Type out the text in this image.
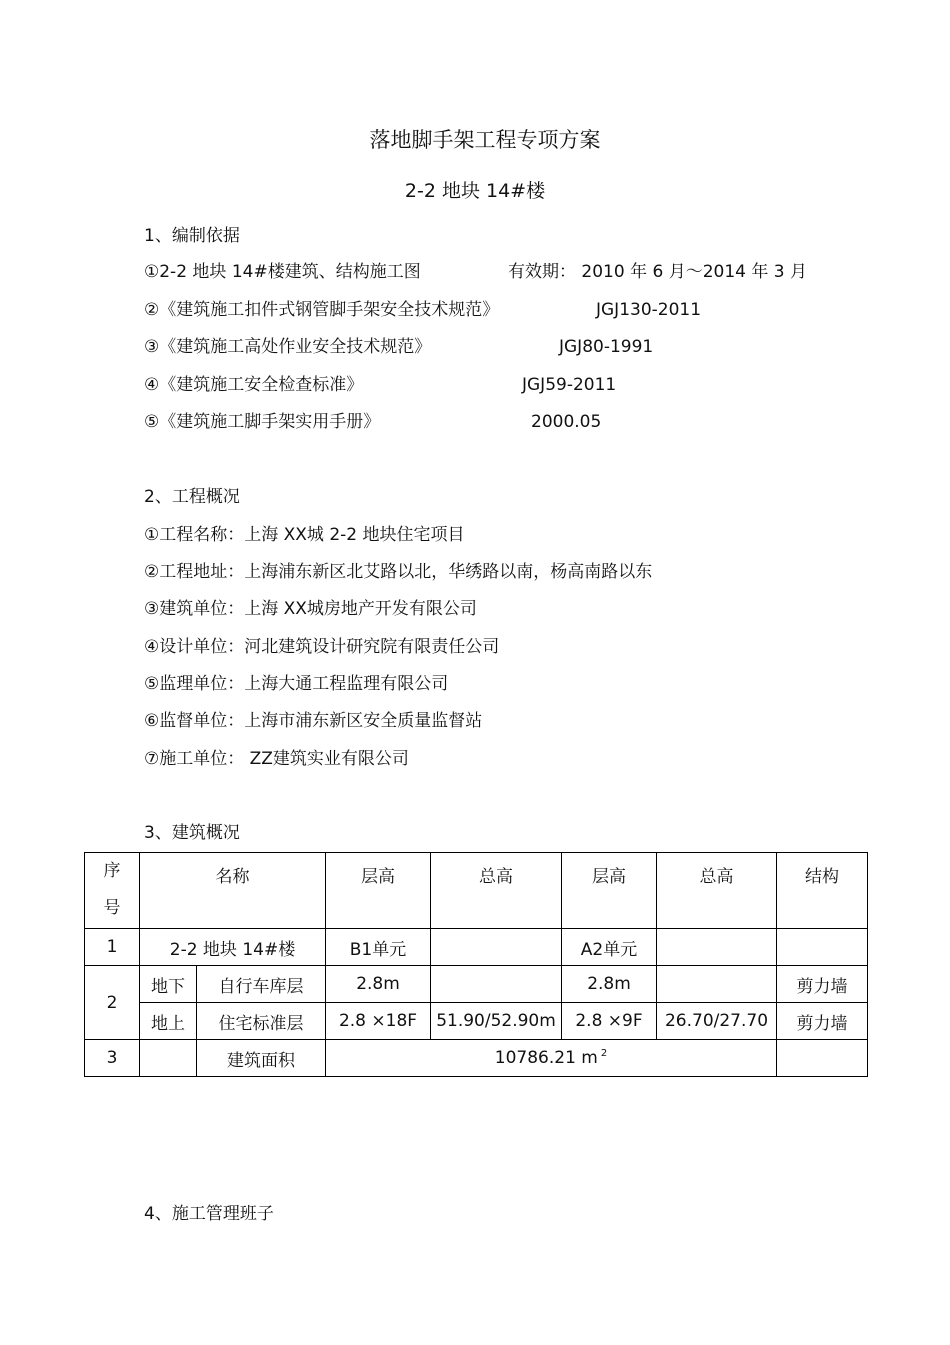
落地脚手架工程专项方案
2-2 地块 14#楼
1、编制依据
①2-2 地块 14#楼建筑、结构施工图	有效期： 2010 年 6 月～2014 年 3 月
②《建筑施工扣件式钢管脚手架安全技术规范》	JGJ130-2011
③《建筑施工高处作业安全技术规范》	JGJ80-1991
④《建筑施工安全检查标准》	JGJ59-2011
⑤《建筑施工脚手架实用手册》	2000.05
2、工程概况
①工程名称：上海 XX城 2-2 地块住宅项目
②工程地址：上海浦东新区北艾路以北，华绣路以南，杨高南路以东
③建筑单位：上海 XX城房地产开发有限公司
④设计单位：河北建筑设计研究院有限责任公司
⑤监理单位：上海大通工程监理有限公司
⑥监督单位：上海市浦东新区安全质量监督站
⑦施工单位： ZZ建筑实业有限公司
3、建筑概况
序
号	名称		层高	总高	层高	总高	结构
1	2-2 地块 14#楼		B1单元		A2单元		
2	地下	自行车库层	2.8m		2.8m		剪力墙
	地上	住宅标准层	2.8 ×18F	51.90/52.90m	2.8 ×9F	26.70/27.70	剪力墙
3		建筑面积	10786.21 m $^2$	
4、施工管理班子
